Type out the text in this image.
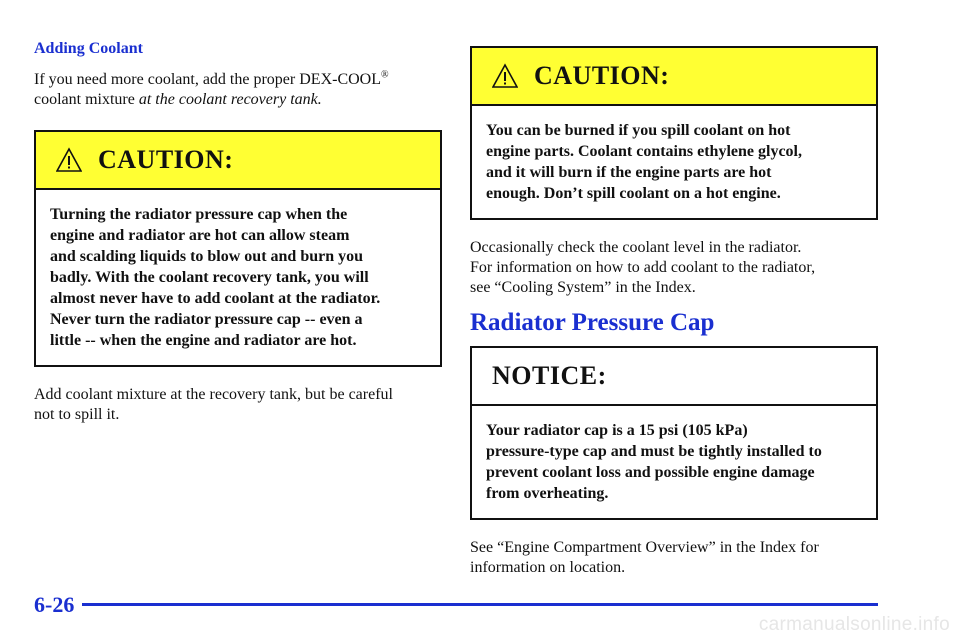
Adding Coolant

If you need more coolant, add the proper DEX-COOL®
coolant mixture at the coolant recovery tank.

CAUTION:
Turning the radiator pressure cap when the
engine and radiator are hot can allow steam
and scalding liquids to blow out and burn you
badly. With the coolant recovery tank, you will
almost never have to add coolant at the radiator.
Never turn the radiator pressure cap -- even a
little -- when the engine and radiator are hot.

Add coolant mixture at the recovery tank, but be careful
not to spill it.

CAUTION:
You can be burned if you spill coolant on hot
engine parts. Coolant contains ethylene glycol,
and it will burn if the engine parts are hot
enough. Don’t spill coolant on a hot engine.

Occasionally check the coolant level in the radiator.
For information on how to add coolant to the radiator,
see “Cooling System” in the Index.

Radiator Pressure Cap
NOTICE:
Your radiator cap is a 15 psi (105 kPa)
pressure-type cap and must be tightly installed to
prevent coolant loss and possible engine damage
from overheating.

See “Engine Compartment Overview” in the Index for
information on location.

6-26
carmanualsonline.info
